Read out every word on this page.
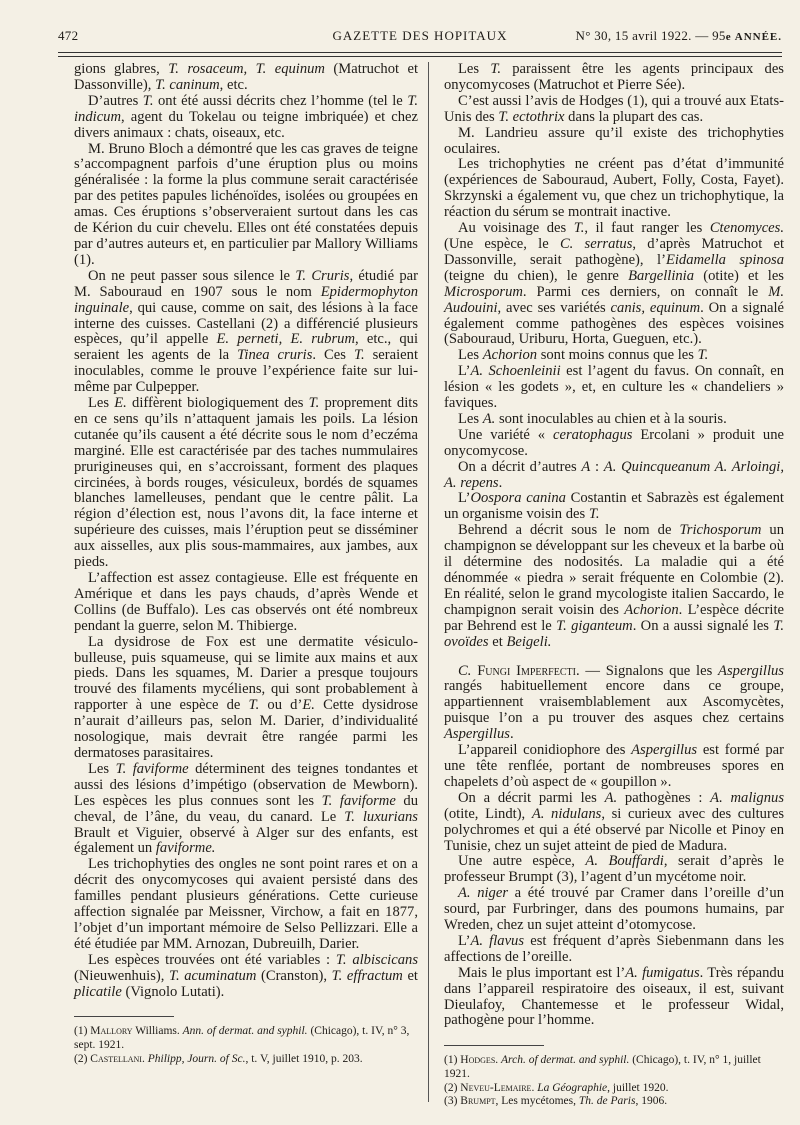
472	GAZETTE DES HOPITAUX	N° 30, 15 avril 1922. — 95e ANNÉE.

gions glabres, T. rosaceum, T. equinum (Matruchot et Dassonville), T. caninum, etc.

D’autres T. ont été aussi décrits chez l’homme (tel le T. indicum, agent du Tokelau ou teigne imbriquée) et chez divers animaux : chats, oiseaux, etc.

M. Bruno Bloch a démontré que les cas graves de teigne s’accompagnent parfois d’une éruption plus ou moins généralisée : la forme la plus commune serait caractérisée par des petites papules lichénoïdes, isolées ou groupées en amas. Ces éruptions s’observeraient surtout dans les cas de Kérion du cuir chevelu. Elles ont été constatées depuis par d’autres auteurs et, en particulier par Mallory Williams (1).

On ne peut passer sous silence le T. Cruris, étudié par M. Sabouraud en 1907 sous le nom Epidermophyton inguinale, qui cause, comme on sait, des lésions à la face interne des cuisses. Castellani (2) a différencié plusieurs espèces, qu’il appelle E. perneti, E. rubrum, etc., qui seraient les agents de la Tinea cruris. Ces T. seraient inoculables, comme le prouve l’expérience faite sur lui-même par Culpepper.

Les E. diffèrent biologiquement des T. proprement dits en ce sens qu’ils n’attaquent jamais les poils. La lésion cutanée qu’ils causent a été décrite sous le nom d’eczéma marginé. Elle est caractérisée par des taches nummulaires prurigineuses qui, en s’accroissant, forment des plaques circinées, à bords rouges, vésiculeux, bordés de squames blanches lamelleuses, pendant que le centre pâlit. La région d’élection est, nous l’avons dit, la face interne et supérieure des cuisses, mais l’éruption peut se disséminer aux aisselles, aux plis sous-mammaires, aux jambes, aux pieds.

L’affection est assez contagieuse. Elle est fréquente en Amérique et dans les pays chauds, d’après Wende et Collins (de Buffalo). Les cas observés ont été nombreux pendant la guerre, selon M. Thibierge.

La dysidrose de Fox est une dermatite vésiculo-bulleuse, puis squameuse, qui se limite aux mains et aux pieds. Dans les squames, M. Darier a presque toujours trouvé des filaments mycéliens, qui sont probablement à rapporter à une espèce de T. ou d’E. Cette dysidrose n’aurait d’ailleurs pas, selon M. Darier, d’individualité nosologique, mais devrait être rangée parmi les dermatoses parasitaires.

Les T. faviforme déterminent des teignes tondantes et aussi des lésions d’impétigo (observation de Mewborn). Les espèces les plus connues sont les T. faviforme du cheval, de l’âne, du veau, du canard. Le T. luxurians Brault et Viguier, observé à Alger sur des enfants, est également un faviforme.

Les trichophyties des ongles ne sont point rares et on a décrit des onycomycoses qui avaient persisté dans des familles pendant plusieurs générations. Cette curieuse affection signalée par Meissner, Virchow, a fait en 1877, l’objet d’un important mémoire de Selso Pellizzari. Elle a été étudiée par MM. Arnozan, Dubreuilh, Darier.

Les espèces trouvées ont été variables : T. albiscicans (Nieuwenhuis), T. acuminatum (Cranston), T. effractum et plicatile (Vignolo Lutati).

(1) Mallory Williams. Ann. of dermat. and syphil. (Chicago), t. IV, n° 3, sept. 1921.

(2) Castellani. Philipp, Journ. of Sc., t. V, juillet 1910, p. 203.

Les T. paraissent être les agents principaux des onycomycoses (Matruchot et Pierre Sée).

C’est aussi l’avis de Hodges (1), qui a trouvé aux Etats-Unis des T. ectothrix dans la plupart des cas.

M. Landrieu assure qu’il existe des trichophyties oculaires.

Les trichophyties ne créent pas d’état d’immunité (expériences de Sabouraud, Aubert, Folly, Costa, Fayet). Skrzynski a également vu, que chez un trichophytique, la réaction du sérum se montrait inactive.

Au voisinage des T., il faut ranger les Ctenomyces. (Une espèce, le C. serratus, d’après Matruchot et Dassonville, serait pathogène), l’Eidamella spinosa (teigne du chien), le genre Bargellinia (otite) et les Microsporum. Parmi ces derniers, on connaît le M. Audouini, avec ses variétés canis, equinum. On a signalé également comme pathogènes des espèces voisines (Sabouraud, Uriburu, Horta, Gueguen, etc.).

Les Achorion sont moins connus que les T.

L’A. Schoenleinii est l’agent du favus. On connaît, en lésion « les godets », et, en culture les « chandeliers » faviques.

Les A. sont inoculables au chien et à la souris.

Une variété « ceratophagus Ercolani » produit une onycomycose.

On a décrit d’autres A : A. Quincqueanum A. Arloingi, A. repens.

L’Oospora canina Costantin et Sabrazès est également un organisme voisin des T.

Behrend a décrit sous le nom de Trichosporum un champignon se développant sur les cheveux et la barbe où il détermine des nodosités. La maladie qui a été dénommée « piedra » serait fréquente en Colombie (2). En réalité, selon le grand mycologiste italien Saccardo, le champignon serait voisin des Achorion. L’espèce décrite par Behrend est le T. giganteum. On a aussi signalé les T. ovoïdes et Beigeli.

C. Fungi Imperfecti. — Signalons que les Aspergillus rangés habituellement encore dans ce groupe, appartiennent vraisemblablement aux Ascomycètes, puisque l’on a pu trouver des asques chez certains Aspergillus.

L’appareil conidiophore des Aspergillus est formé par une tête renflée, portant de nombreuses spores en chapelets d’où aspect de « goupillon ».

On a décrit parmi les A. pathogènes : A. malignus (otite, Lindt), A. nidulans, si curieux avec des cultures polychromes et qui a été observé par Nicolle et Pinoy en Tunisie, chez un sujet atteint de pied de Madura.

Une autre espèce, A. Bouffardi, serait d’après le professeur Brumpt (3), l’agent d’un mycétome noir.

A. niger a été trouvé par Cramer dans l’oreille d’un sourd, par Furbringer, dans des poumons humains, par Wreden, chez un sujet atteint d’otomycose.

L’A. flavus est fréquent d’après Siebenmann dans les affections de l’oreille.

Mais le plus important est l’A. fumigatus. Très répandu dans l’appareil respiratoire des oiseaux, il est, suivant Dieulafoy, Chantemesse et le professeur Widal, pathogène pour l’homme.

(1) Hodges. Arch. of dermat. and syphil. (Chicago), t. IV, n° 1, juillet 1921.

(2) Neveu-Lemaire. La Géographie, juillet 1920.

(3) Brumpt, Les mycétomes, Th. de Paris, 1906.
